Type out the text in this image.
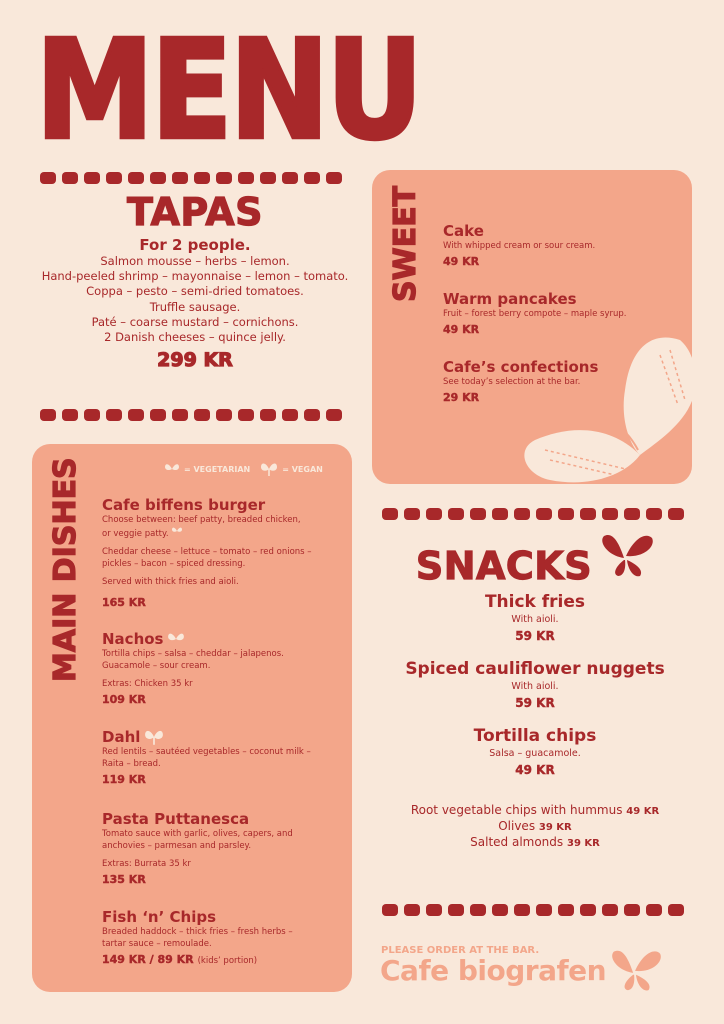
MENU
TAPAS
For 2 people.
Salmon mousse – herbs – lemon.
Hand-peeled shrimp – mayonnaise – lemon – tomato.
Coppa – pesto – semi-dried tomatoes.
Truffle sausage.
Paté – coarse mustard – cornichons.
2 Danish cheeses – quince jelly.
299 KR
SWEET Cake
With whipped cream or sour cream.
49 KR
Warm pancakes
Fruit – forest berry compote – maple syrup.
49 KR
Cafe’s confections
See today’s selection at the bar.
29 KR
MAIN DISHES	= VEGETARIAN	= VEGAN
Cafe biffens burger
Choose between: beef patty, breaded chicken,
or veggie patty.
Cheddar cheese – lettuce – tomato – red onions –
pickles – bacon – spiced dressing.
Served with thick fries and aioli.
165 KR
Nachos
Tortilla chips – salsa – cheddar – jalapenos.
Guacamole – sour cream.
Extras: Chicken 35 kr
109 KR
Dahl
Red lentils – sautéed vegetables – coconut milk –
Raita – bread.
119 KR
Pasta Puttanesca
Tomato sauce with garlic, olives, capers, and
anchovies – parmesan and parsley.
Extras: Burrata 35 kr
135 KR
Fish ‘n’ Chips
Breaded haddock – thick fries – fresh herbs –
tartar sauce – remoulade.
149 KR / 89 KR (kids’ portion)
SNACKS
Thick fries
With aioli.
59 KR
Spiced cauliflower nuggets
With aioli.
59 KR
Tortilla chips
Salsa – guacamole.
49 KR
Root vegetable chips with hummus 49 KR
Olives 39 KR
Salted almonds 39 KR
PLEASE ORDER AT THE BAR.
Cafe biografen
